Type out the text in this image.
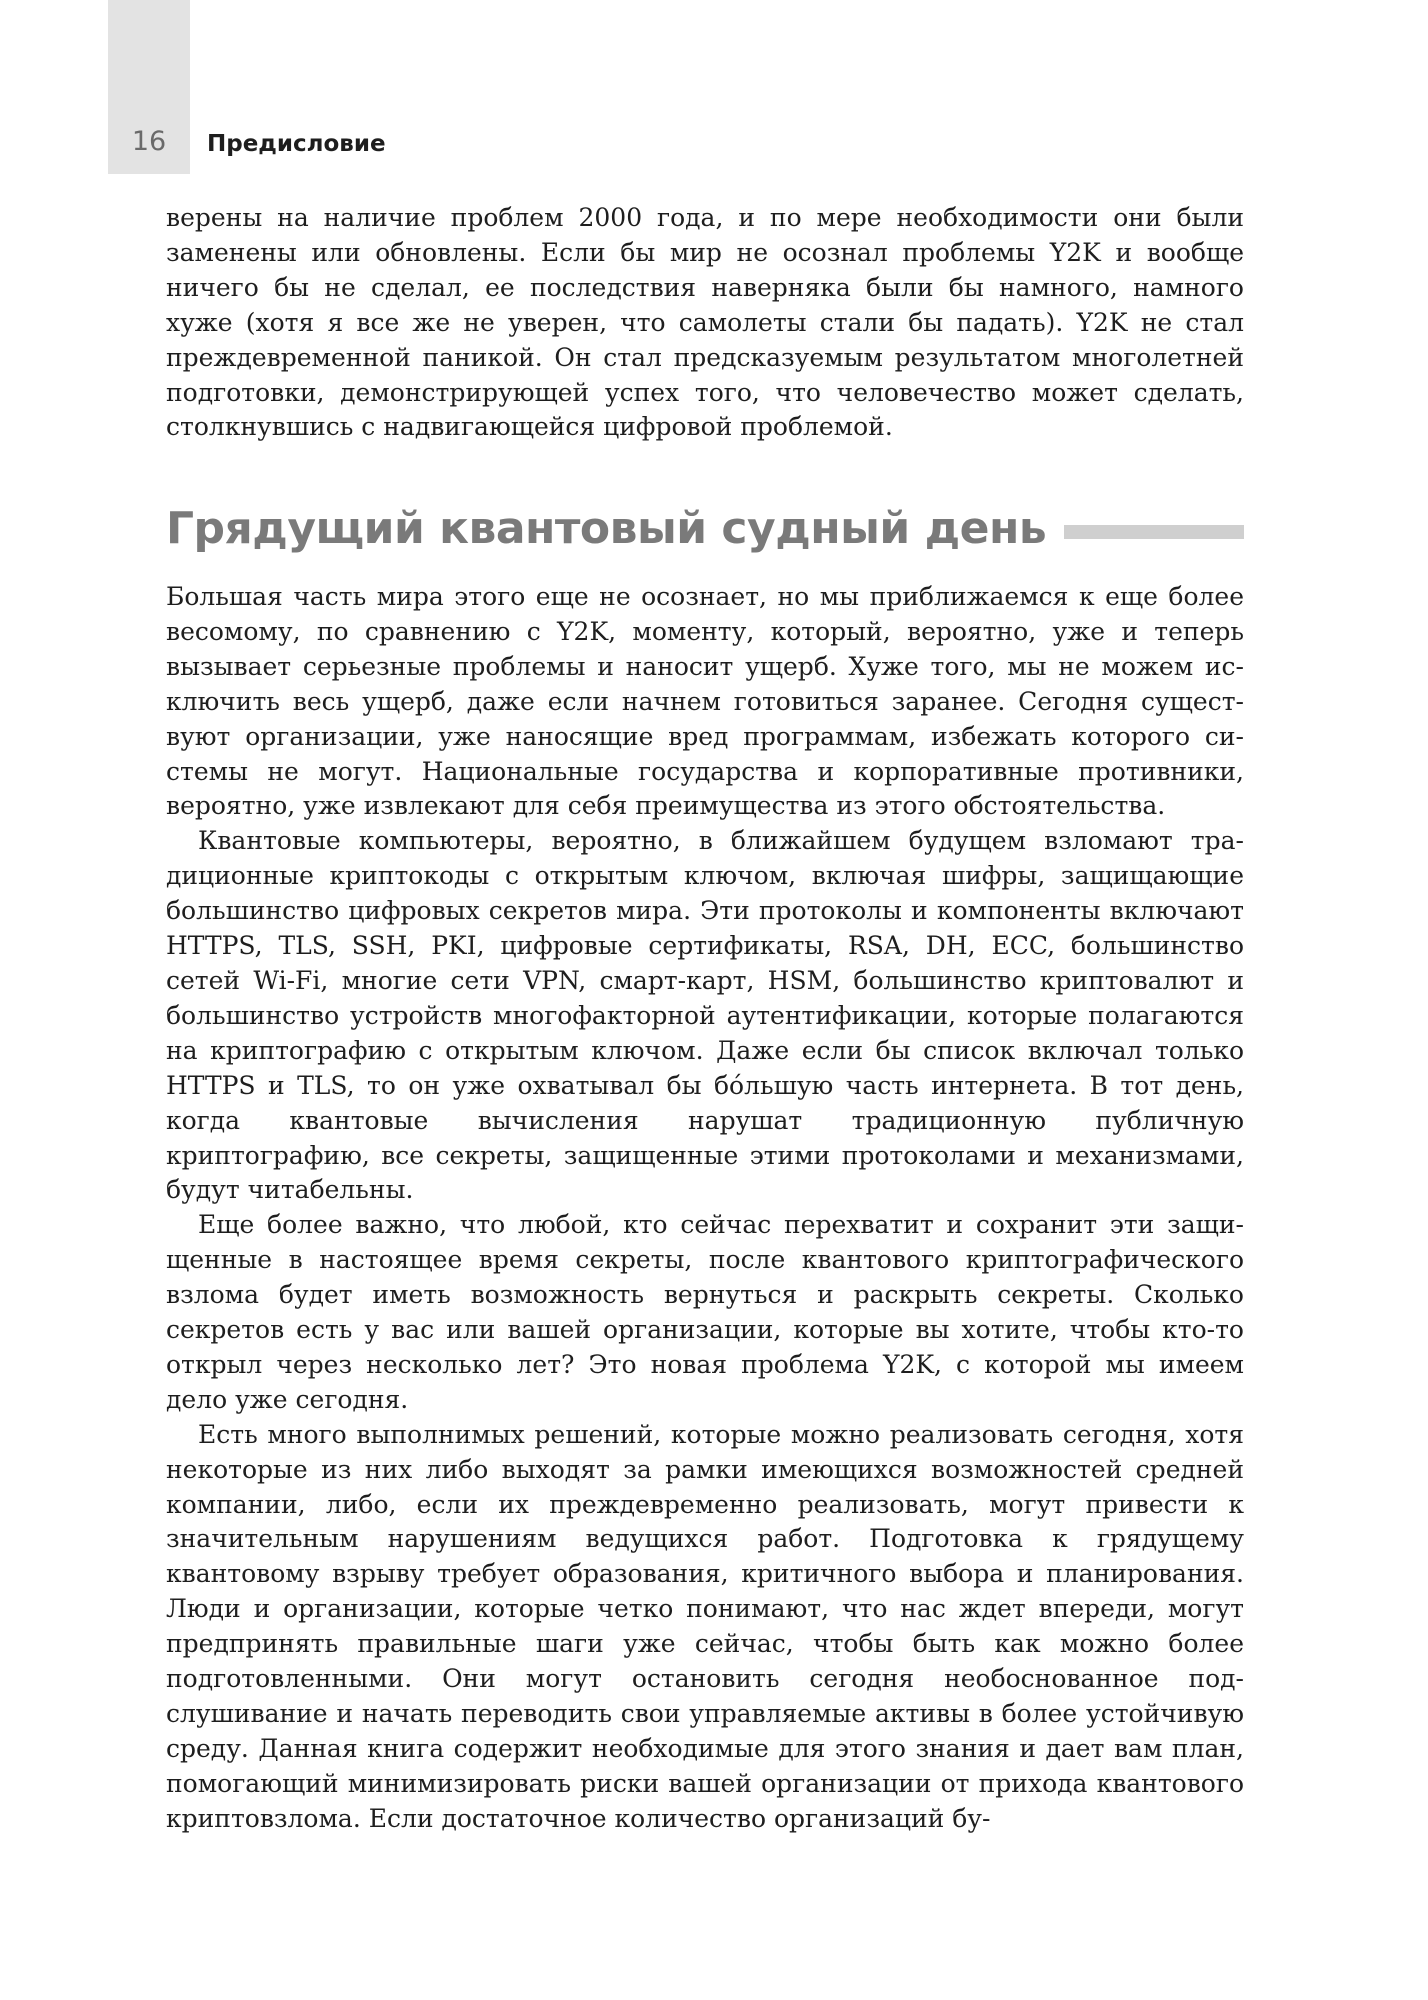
16	Предисловие

верены на наличие проблем 2000 года, и по мере необходимости они были заменены или обновлены. Если бы мир не осознал проблемы Y2K и вообще ничего бы не сделал, ее последствия наверняка были бы намного, намного хуже (хотя я все же не уверен, что самолеты стали бы падать). Y2K не стал преждевременной паникой. Он стал предсказуемым результатом многолетней подготовки, демонстрирующей успех того, что человечество может сделать, столкнувшись с надвигающейся цифровой проблемой.

Грядущий квантовый судный день

Большая часть мира этого еще не осознает, но мы приближаемся к еще более весомому, по сравнению с Y2K, моменту, который, вероятно, уже и теперь вызывает серьезные проблемы и наносит ущерб. Хуже того, мы не можем исключить весь ущерб, даже если начнем готовиться заранее. Сегодня существуют организации, уже наносящие вред программам, избежать которого системы не могут. Национальные государства и корпоративные противники, вероятно, уже извлекают для себя преимущества из этого обстоятельства.

Квантовые компьютеры, вероятно, в ближайшем будущем взломают традиционные криптокоды с открытым ключом, включая шифры, защищающие большинство цифровых секретов мира. Эти протоколы и компоненты включают HTTPS, TLS, SSH, PKI, цифровые сертификаты, RSA, DH, ECC, большинство сетей Wi-Fi, многие сети VPN, смарт-карт, HSM, большинство криптовалют и большинство устройств многофакторной аутентификации, которые полагаются на криптографию с открытым ключом. Даже если бы список включал только HTTPS и TLS, то он уже охватывал бы бóльшую часть интернета. В тот день, когда квантовые вычисления нарушат традиционную публичную криптографию, все секреты, защищенные этими протоколами и механизмами, будут читабельны.

Еще более важно, что любой, кто сейчас перехватит и сохранит эти защищенные в настоящее время секреты, после квантового криптографического взлома будет иметь возможность вернуться и раскрыть секреты. Сколько секретов есть у вас или вашей организации, которые вы хотите, чтобы кто-то открыл через несколько лет? Это новая проблема Y2K, с которой мы имеем дело уже сегодня.

Есть много выполнимых решений, которые можно реализовать сегодня, хотя некоторые из них либо выходят за рамки имеющихся возможностей средней компании, либо, если их преждевременно реализовать, могут привести к значительным нарушениям ведущихся работ. Подготовка к грядущему квантовому взрыву требует образования, критичного выбора и планирования. Люди и организации, которые четко понимают, что нас ждет впереди, могут предпринять правильные шаги уже сейчас, чтобы быть как можно более подготовленными. Они могут остановить сегодня необоснованное подслушивание и начать переводить свои управляемые активы в более устойчивую среду. Данная книга содержит необходимые для этого знания и дает вам план, помогающий минимизировать риски вашей организации от прихода квантового криптовзлома. Если достаточное количество организаций бу-
